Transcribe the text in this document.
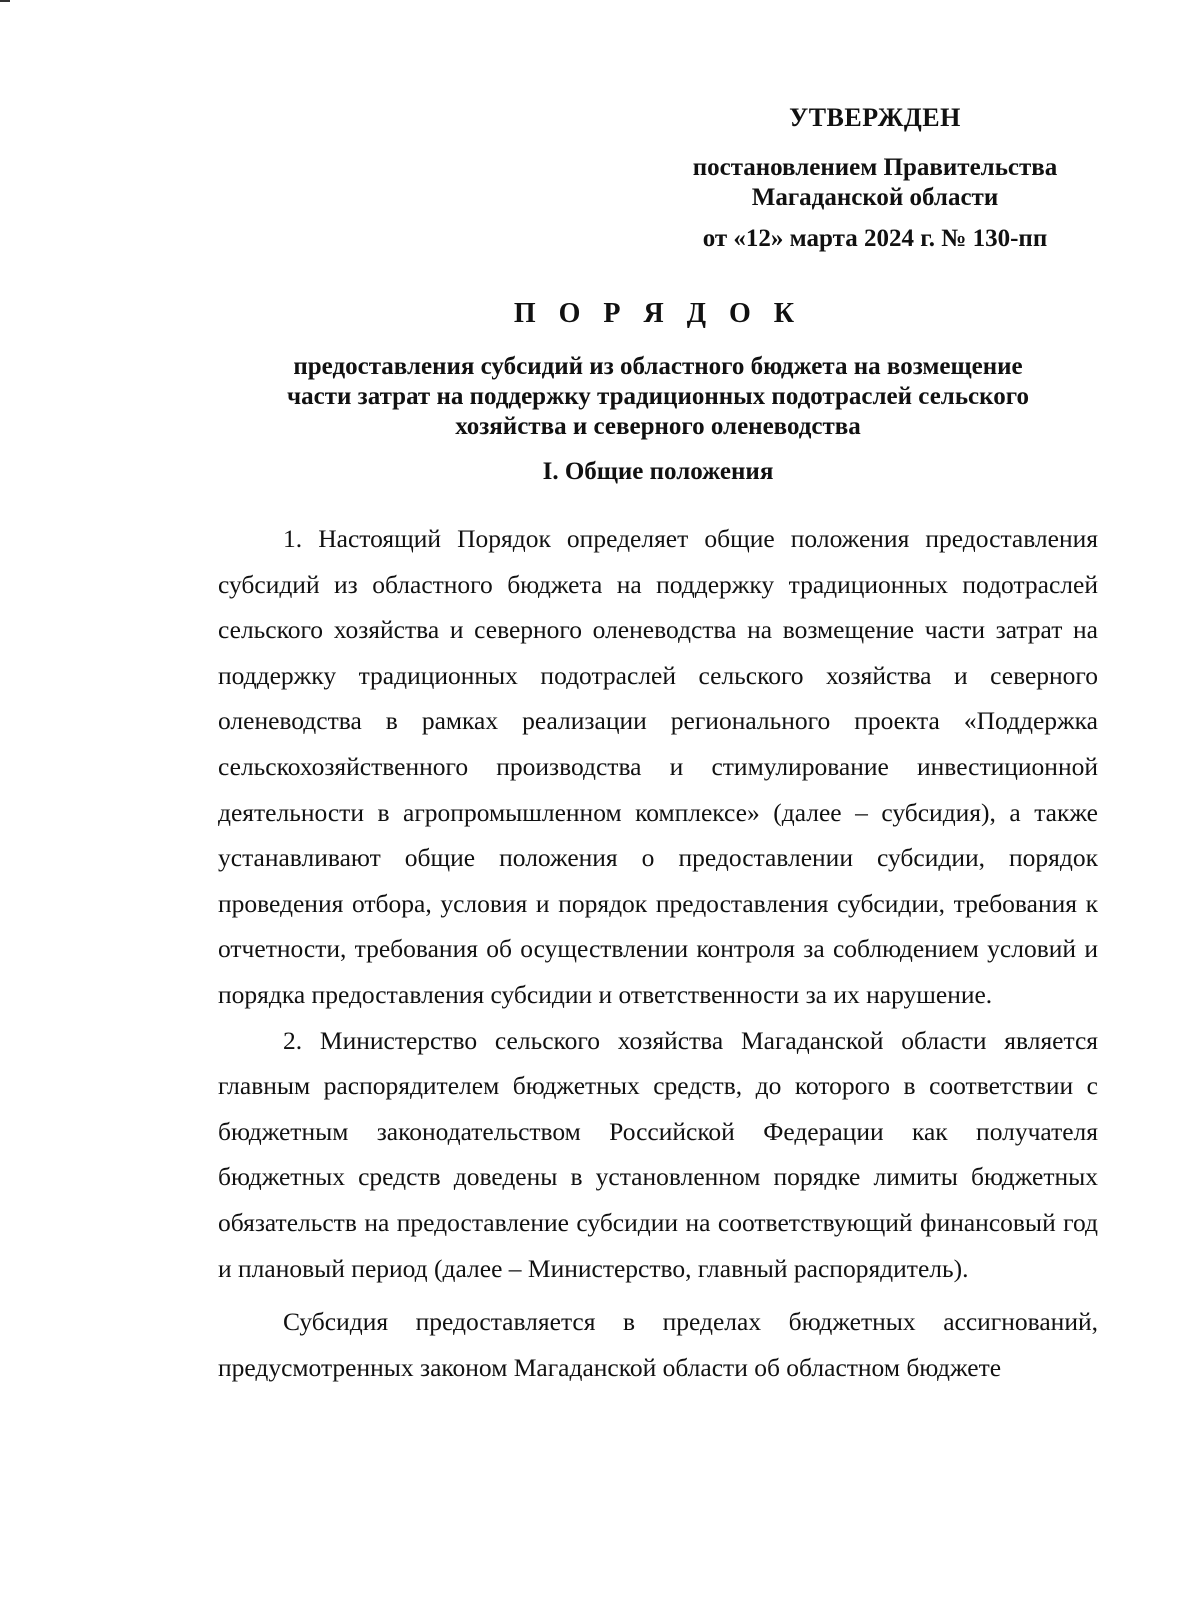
УТВЕРЖДЕН
постановлением Правительства
Магаданской области
от «12» марта 2024 г. № 130-пп
П О Р Я Д О К
предоставления субсидий из областного бюджета на возмещение
части затрат на поддержку традиционных подотраслей сельского
хозяйства и северного оленеводства
I. Общие положения

1. Настоящий Порядок определяет общие положения предоставления субсидий из областного бюджета на поддержку традиционных подотраслей сельского хозяйства и северного оленеводства на возмещение части затрат на поддержку традиционных подотраслей сельского хозяйства и северного оленеводства в рамках реализации регионального проекта «Поддержка сельскохозяйственного производства и стимулирование инвестиционной деятельности в агропромышленном комплексе» (далее – субсидия), а также устанавливают общие положения о предоставлении субсидии, порядок проведения отбора, условия и порядок предоставления субсидии, требования к отчетности, требования об осуществлении контроля за соблюдением условий и порядка предоставления субсидии и ответственности за их нарушение.

2. Министерство сельского хозяйства Магаданской области является главным распорядителем бюджетных средств, до которого в соответствии с бюджетным законодательством Российской Федерации как получателя бюджетных средств доведены в установленном порядке лимиты бюджетных обязательств на предоставление субсидии на соответствующий финансовый год и плановый период (далее – Министерство, главный распорядитель).

Субсидия предоставляется в пределах бюджетных ассигнований, предусмотренных законом Магаданской области об областном бюджете
